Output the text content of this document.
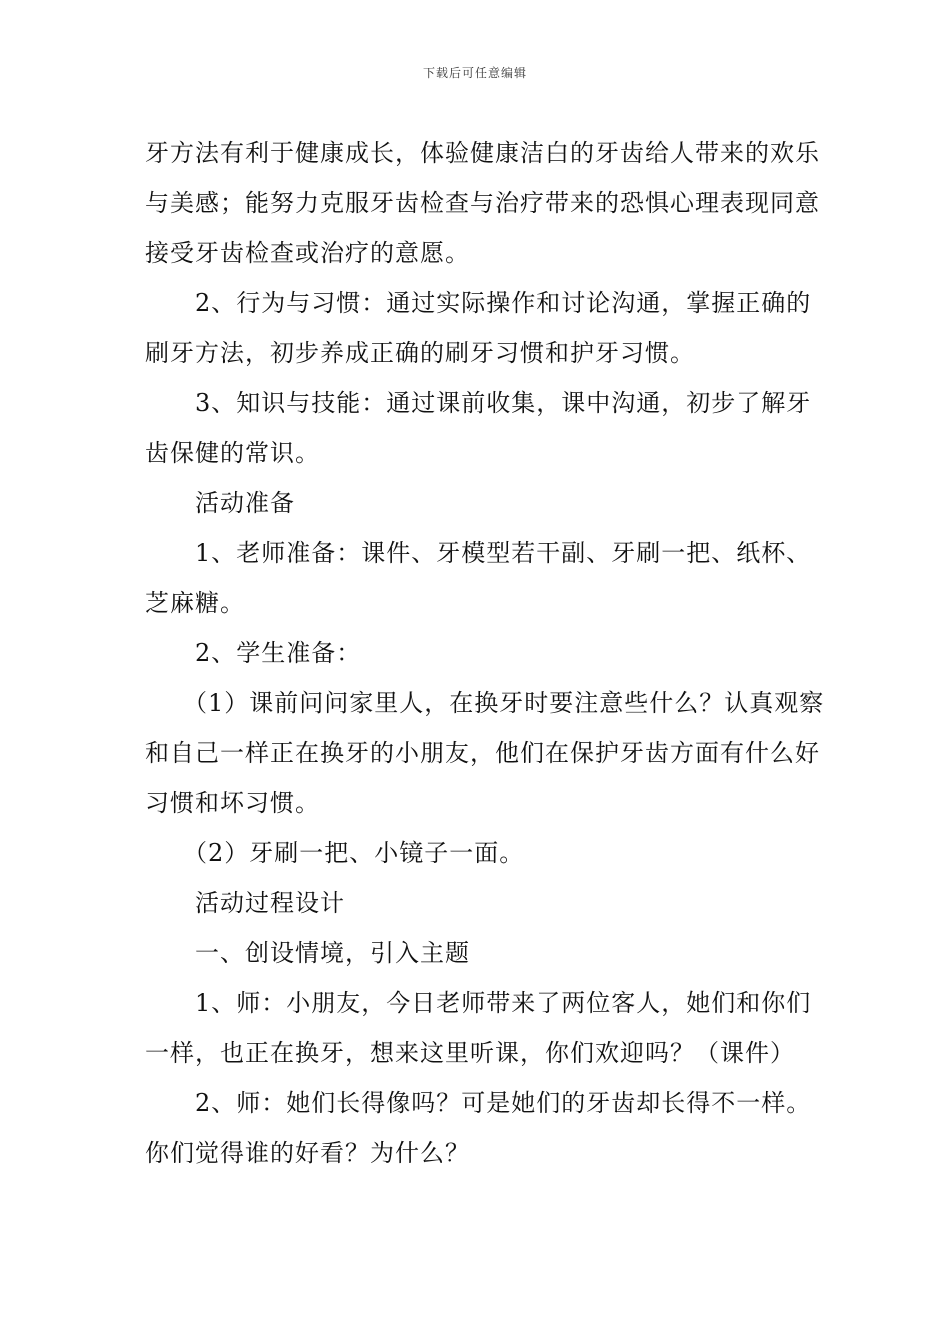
下载后可任意编辑

牙方法有利于健康成长，体验健康洁白的牙齿给人带来的欢乐与美感；能努力克服牙齿检查与治疗带来的恐惧心理表现同意接受牙齿检查或治疗的意愿。

2、行为与习惯：通过实际操作和讨论沟通，掌握正确的刷牙方法，初步养成正确的刷牙习惯和护牙习惯。

3、知识与技能：通过课前收集，课中沟通，初步了解牙齿保健的常识。

活动准备

1、老师准备：课件、牙模型若干副、牙刷一把、纸杯、芝麻糖。

2、学生准备：

（1）课前问问家里人，在换牙时要注意些什么？认真观察和自己一样正在换牙的小朋友，他们在保护牙齿方面有什么好习惯和坏习惯。

（2）牙刷一把、小镜子一面。

活动过程设计

一、创设情境，引入主题

1、师：小朋友，今日老师带来了两位客人，她们和你们一样，也正在换牙，想来这里听课，你们欢迎吗？（课件）

2、师：她们长得像吗？可是她们的牙齿却长得不一样。你们觉得谁的好看？为什么？
